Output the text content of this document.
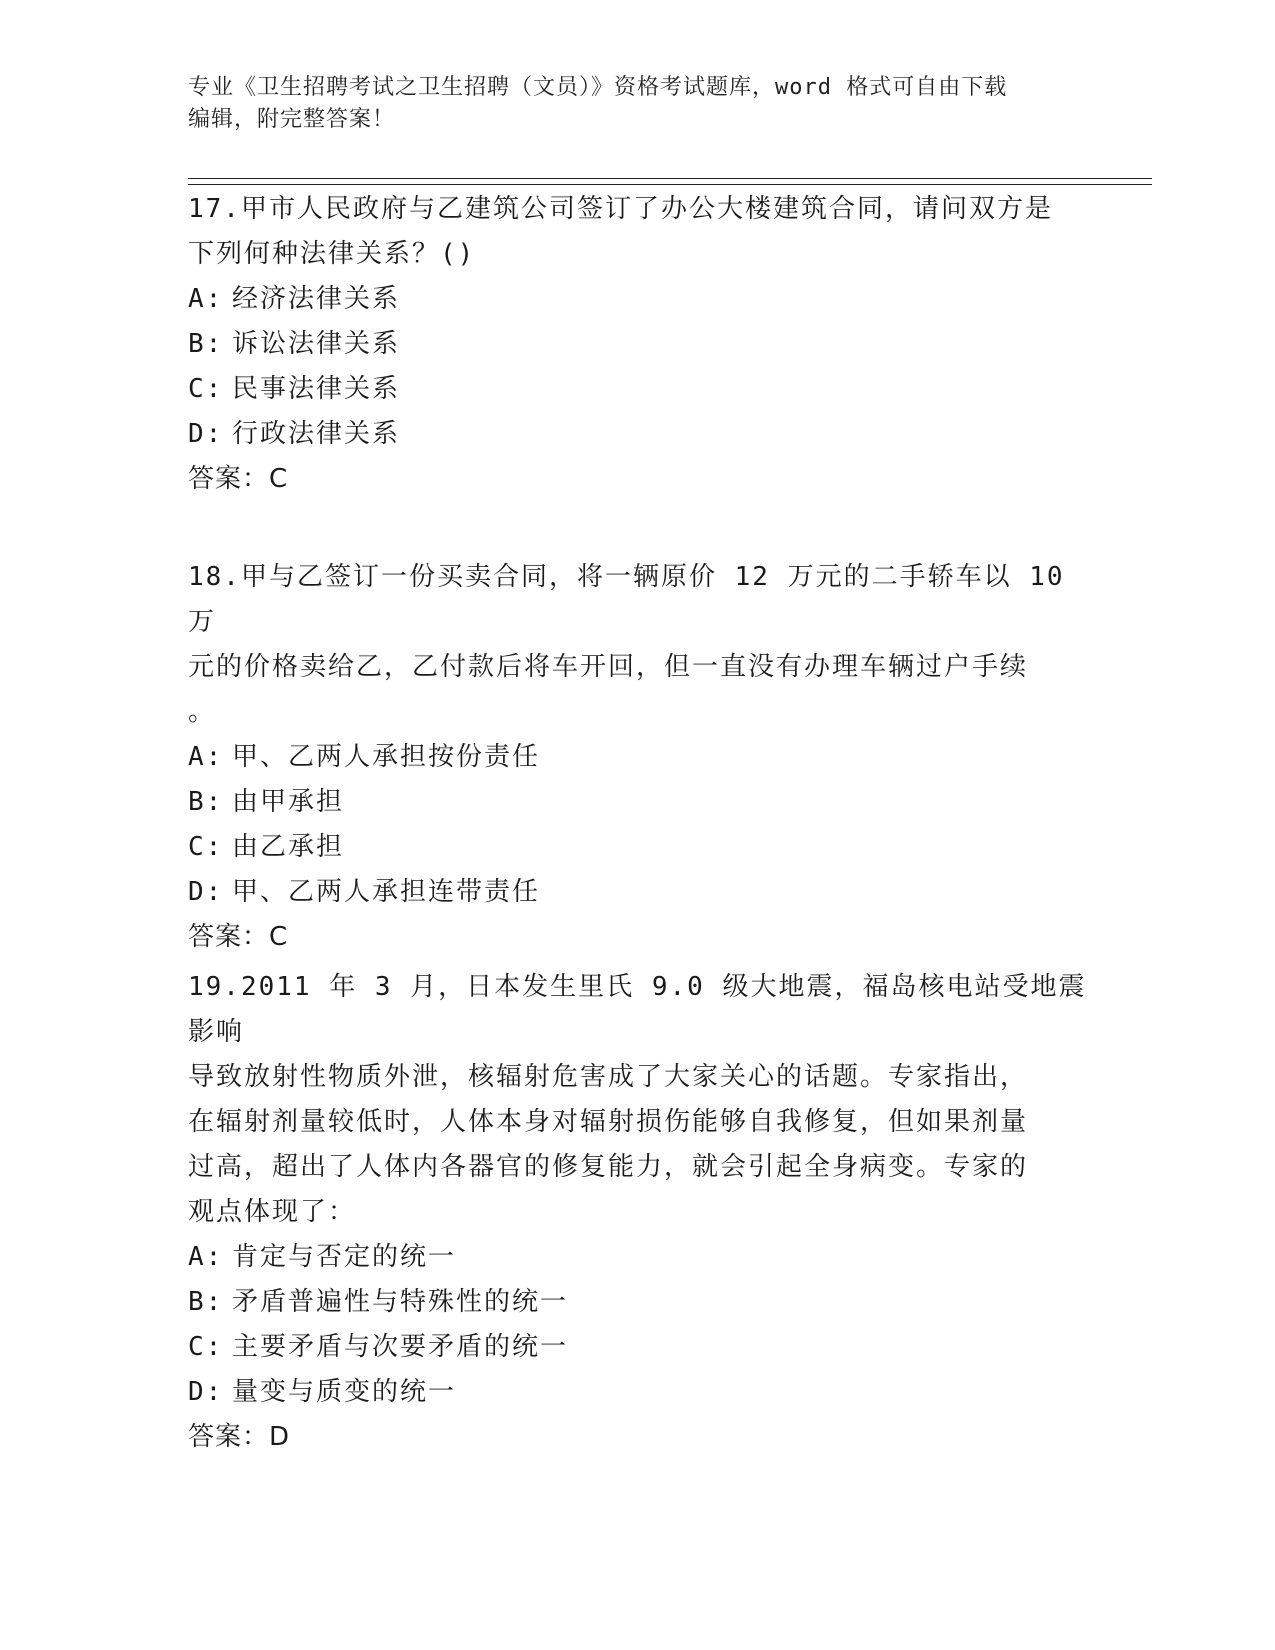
专业《卫生招聘考试之卫生招聘（文员）》资格考试题库，word 格式可自由下载
编辑，附完整答案！
17.甲市人民政府与乙建筑公司签订了办公大楼建筑合同，请问双方是
下列何种法律关系？()
A: 经济法律关系
B: 诉讼法律关系
C: 民事法律关系
D: 行政法律关系
答案：C
18.甲与乙签订一份买卖合同，将一辆原价 12 万元的二手轿车以 10 万
元的价格卖给乙，乙付款后将车开回，但一直没有办理车辆过户手续
。
A: 甲、乙两人承担按份责任
B: 由甲承担
C: 由乙承担
D: 甲、乙两人承担连带责任
答案：C
19.2011 年 3 月，日本发生里氏 9.0 级大地震，福岛核电站受地震影响
导致放射性物质外泄，核辐射危害成了大家关心的话题。专家指出，
在辐射剂量较低时，人体本身对辐射损伤能够自我修复，但如果剂量
过高，超出了人体内各器官的修复能力，就会引起全身病变。专家的
观点体现了：
A: 肯定与否定的统一
B: 矛盾普遍性与特殊性的统一
C: 主要矛盾与次要矛盾的统一
D: 量变与质变的统一
答案：D
